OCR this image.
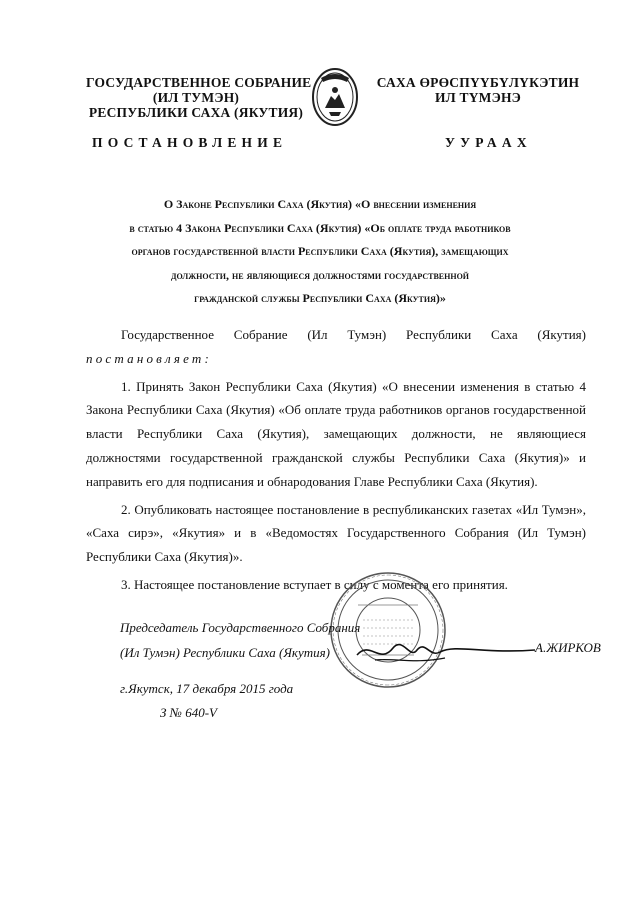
ГОСУДАРСТВЕННОЕ СОБРАНИЕ
(ИЛ ТУМЭН)
РЕСПУБЛИКИ САХА (ЯКУТИЯ)
САХА ӨРӨСПҮҮБҮЛҮКЭТИН
ИЛ ТҮМЭНЭ
ПОСТАНОВЛЕНИЕ	УУРААХ
О Законе Республики Саха (Якутия) «О внесении изменения
в статью 4 Закона Республики Саха (Якутия) «Об оплате труда работников
органов государственной власти Республики Саха (Якутия), замещающих
должности, не являющиеся должностями государственной
гражданской службы Республики Саха (Якутия)»
Государственное Собрание (Ил Тумэн) Республики Саха (Якутия)

постановляет:

1. Принять Закон Республики Саха (Якутия) «О внесении изменения в статью 4 Закона Республики Саха (Якутия) «Об оплате труда работников органов государственной власти Республики Саха (Якутия), замещающих должности, не являющиеся должностями государственной гражданской службы Республики Саха (Якутия)» и направить его для подписания и обнародования Главе Республики Саха (Якутия).

2. Опубликовать настоящее постановление в республиканских газетах «Ил Тумэн», «Саха сирэ», «Якутия» и в «Ведомостях Государственного Собрания (Ил Тумэн) Республики Саха (Якутия)».

3. Настоящее постановление вступает в силу с момента его принятия.

Председатель Государственного Собрания
(Ил Тумэн) Республики Саха (Якутия)	А.ЖИРКОВ
г.Якутск, 17 декабря 2015 года
З № 640-V
